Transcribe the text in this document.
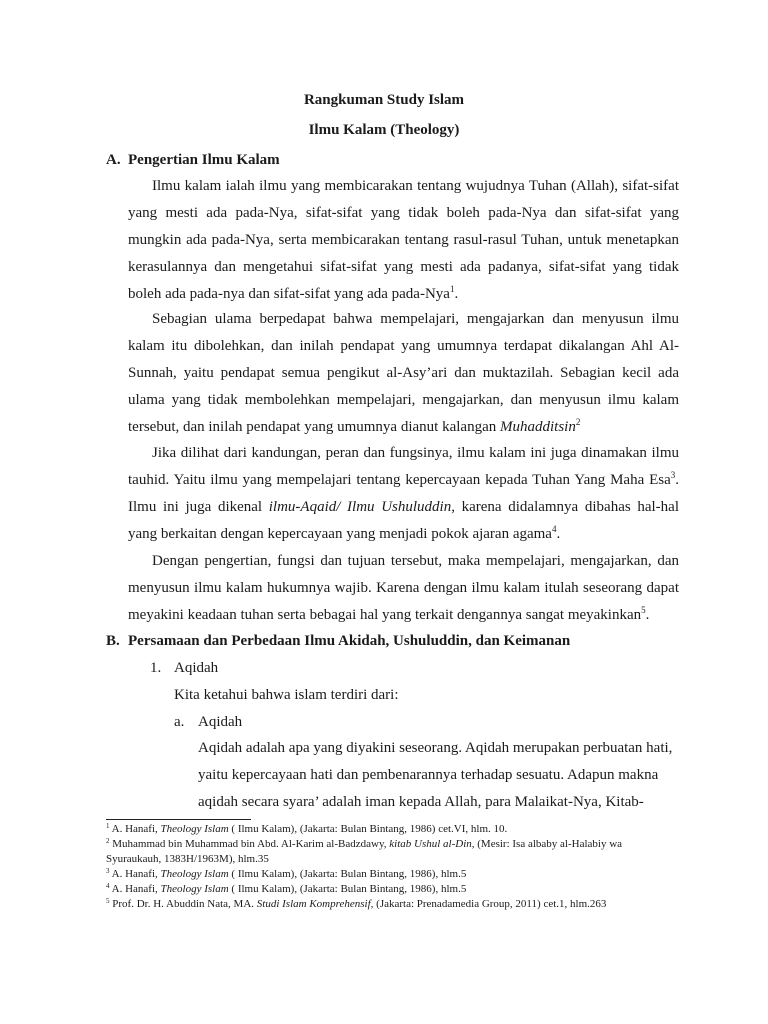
Rangkuman Study Islam
Ilmu Kalam (Theology)
A. Pengertian Ilmu Kalam
Ilmu kalam ialah ilmu yang membicarakan tentang wujudnya Tuhan (Allah), sifat-sifat yang mesti ada pada-Nya, sifat-sifat yang tidak boleh pada-Nya dan sifat-sifat yang mungkin ada pada-Nya, serta membicarakan tentang rasul-rasul Tuhan, untuk menetapkan kerasulannya dan mengetahui sifat-sifat yang mesti ada padanya, sifat-sifat yang tidak boleh ada pada-nya dan sifat-sifat yang ada pada-Nya$^1$.
Sebagian ulama berpedapat bahwa mempelajari, mengajarkan dan menyusun ilmu kalam itu dibolehkan, dan inilah pendapat yang umumnya terdapat dikalangan Ahl Al-Sunnah, yaitu pendapat semua pengikut al-Asy’ari dan muktazilah. Sebagian kecil ada ulama yang tidak membolehkan mempelajari, mengajarkan, dan menyusun ilmu kalam tersebut, dan inilah pendapat yang umumnya dianut kalangan Muhadditsin$^2$
Jika dilihat dari kandungan, peran dan fungsinya, ilmu kalam ini juga dinamakan ilmu tauhid. Yaitu ilmu yang mempelajari tentang kepercayaan kepada Tuhan Yang Maha Esa$^3$. Ilmu ini juga dikenal ilmu-Aqaid/ Ilmu Ushuluddin, karena didalamnya dibahas hal-hal yang berkaitan dengan kepercayaan yang menjadi pokok ajaran agama$^4$.
Dengan pengertian, fungsi dan tujuan tersebut, maka mempelajari, mengajarkan, dan menyusun ilmu kalam hukumnya wajib. Karena dengan ilmu kalam itulah seseorang dapat meyakini keadaan tuhan serta bebagai hal yang terkait dengannya sangat meyakinkan$^5$.
B. Persamaan dan Perbedaan Ilmu Akidah, Ushuluddin, dan Keimanan
1. Aqidah
Kita ketahui bahwa islam terdiri dari:
a. Aqidah
Aqidah adalah apa yang diyakini seseorang. Aqidah merupakan perbuatan hati,
yaitu kepercayaan hati dan pembenarannya terhadap sesuatu. Adapun makna
aqidah secara syara’ adalah iman kepada Allah, para Malaikat-Nya, Kitab-
$^1$ A. Hanafi, Theology Islam ( Ilmu Kalam), (Jakarta: Bulan Bintang, 1986) cet.VI, hlm. 10.
$^2$ Muhammad bin Muhammad bin Abd. Al-Karim al-Badzdawy, kitab Ushul al-Din, (Mesir: Isa albaby al-Halabiy wa Syuraukauh, 1383H/1963M), hlm.35
$^3$ A. Hanafi, Theology Islam ( Ilmu Kalam), (Jakarta: Bulan Bintang, 1986), hlm.5
$^4$ A. Hanafi, Theology Islam ( Ilmu Kalam), (Jakarta: Bulan Bintang, 1986), hlm.5
$^5$ Prof. Dr. H. Abuddin Nata, MA. Studi Islam Komprehensif, (Jakarta: Prenadamedia Group, 2011) cet.1, hlm.263
